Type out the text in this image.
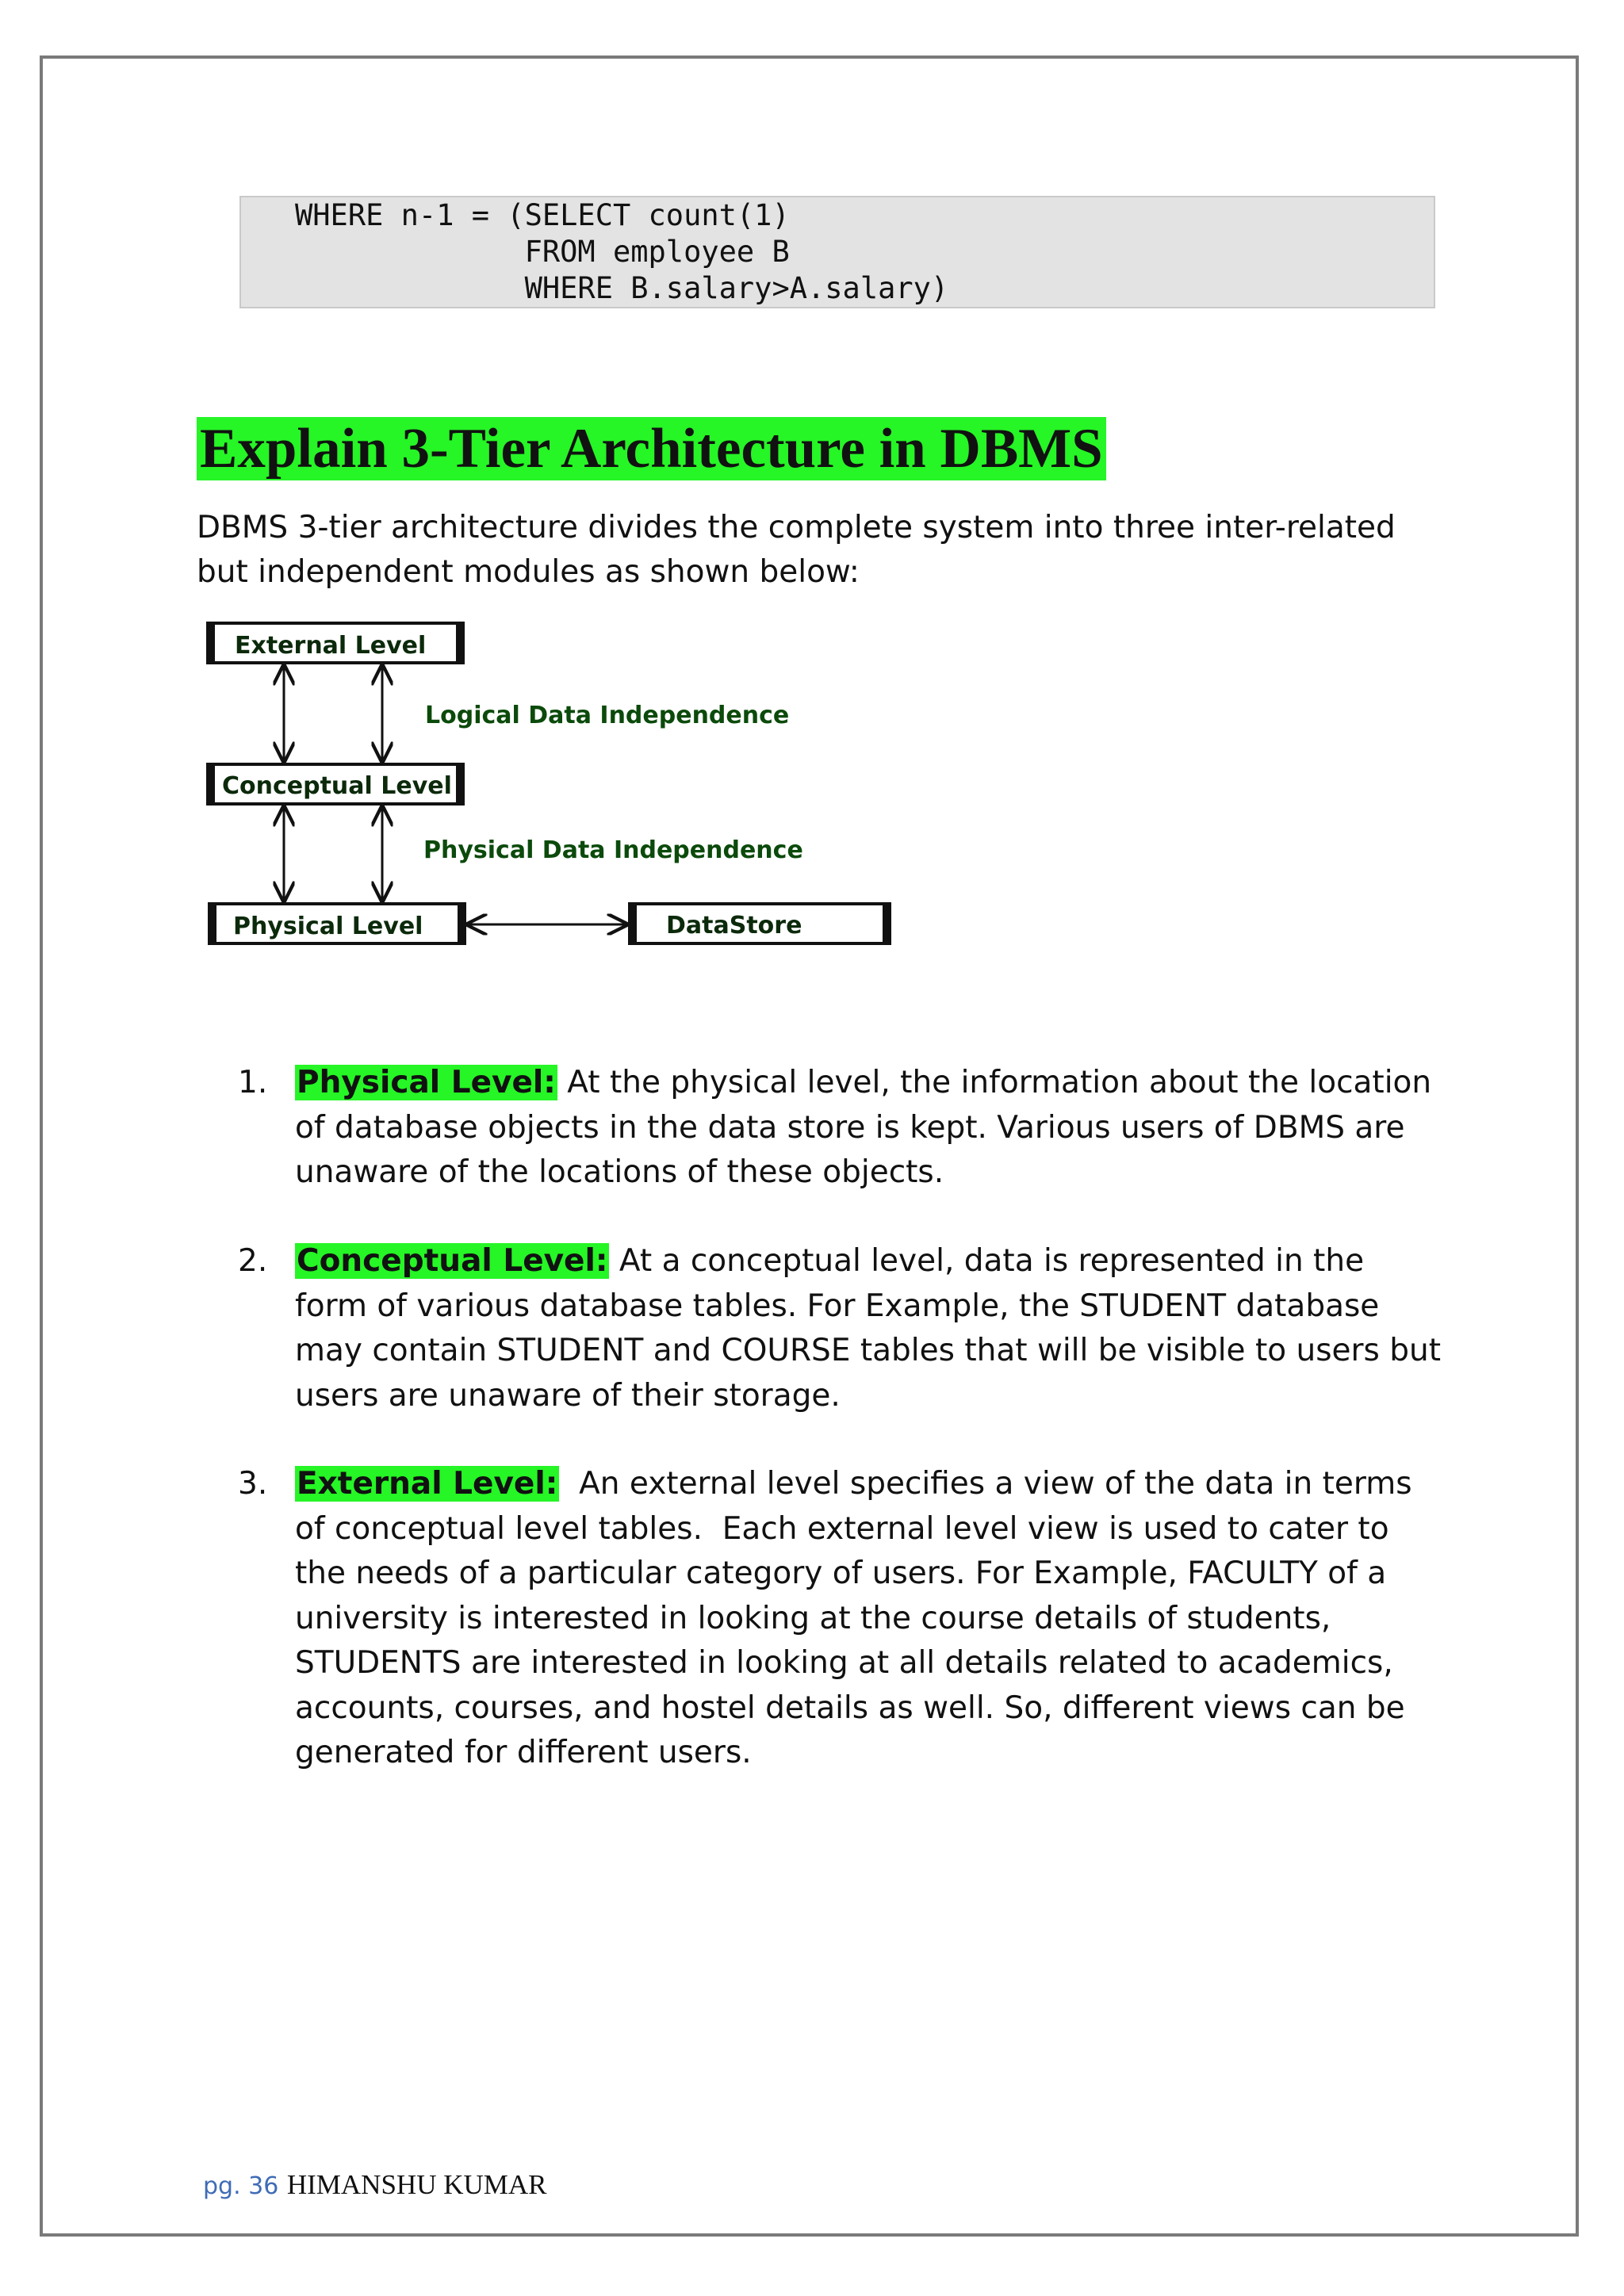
WHERE n-1 = (SELECT count(1)
FROM employee B
WHERE B.salary>A.salary)
Explain 3-Tier Architecture in DBMS
DBMS 3-tier architecture divides the complete system into three inter-related but independent modules as shown below:
External Level
Conceptual Level
Physical Level	DataStore
Logical Data Independence
Physical Data Independence
1. Physical Level: At the physical level, the information about the location of database objects in the data store is kept. Various users of DBMS are unaware of the locations of these objects.
2. Conceptual Level: At a conceptual level, data is represented in the form of various database tables. For Example, the STUDENT database may contain STUDENT and COURSE tables that will be visible to users but users are unaware of their storage.
3. External Level:  An external level specifies a view of the data in terms of conceptual level tables.  Each external level view is used to cater to the needs of a particular category of users. For Example, FACULTY of a university is interested in looking at the course details of students, STUDENTS are interested in looking at all details related to academics, accounts, courses, and hostel details as well. So, different views can be generated for different users.
pg. 36 HIMANSHU KUMAR
